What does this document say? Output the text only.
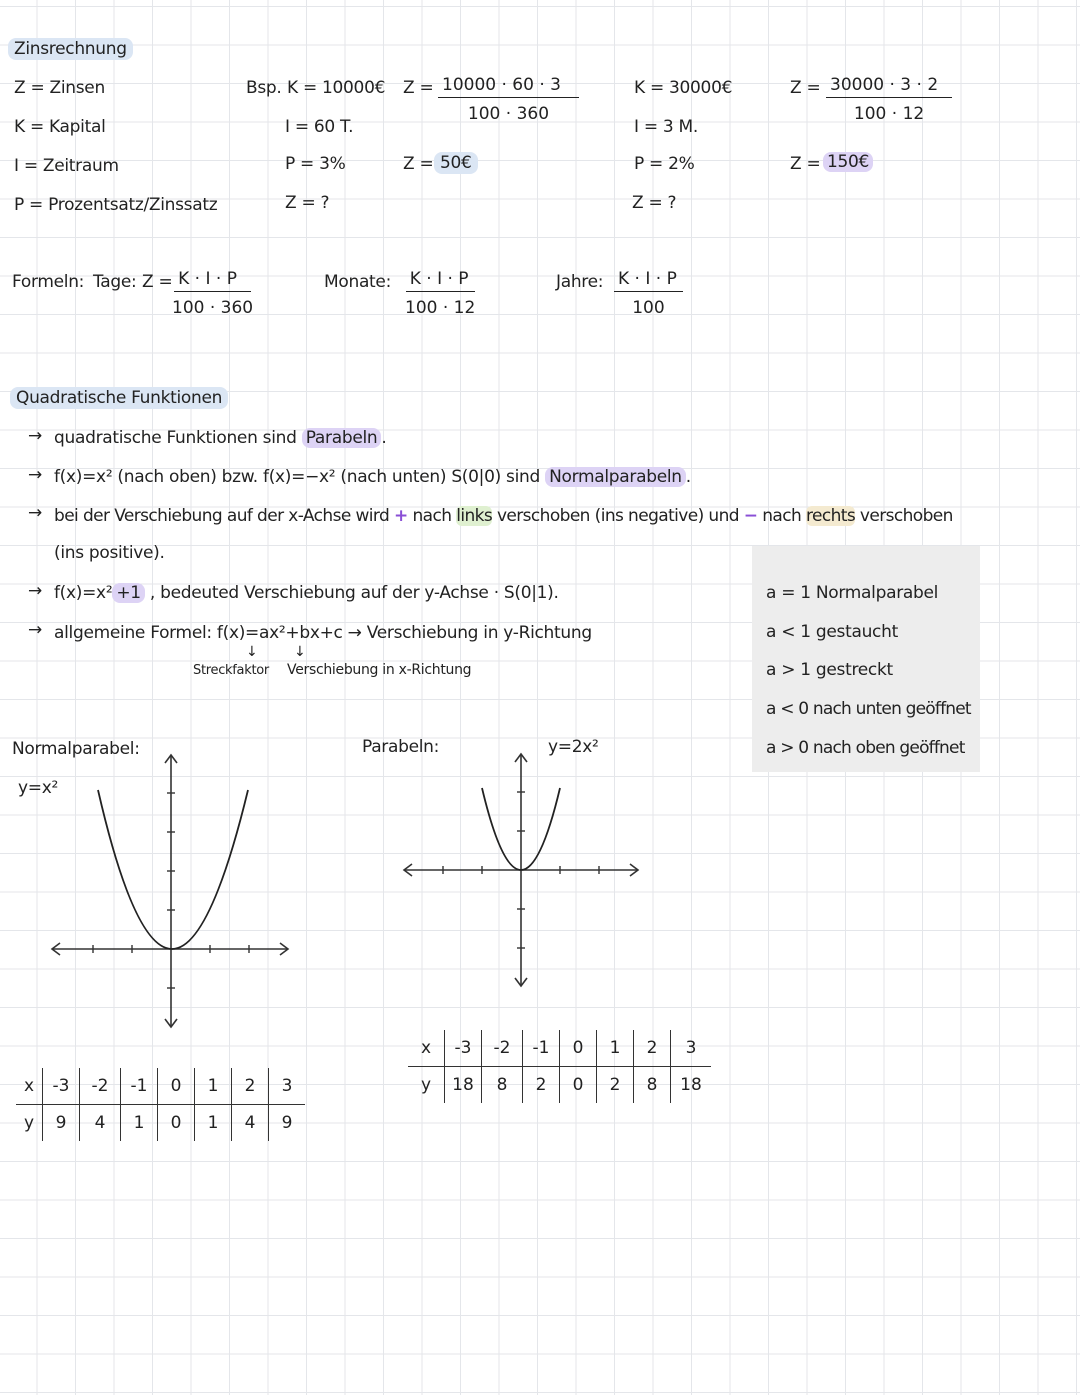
Zinsrechnung
Z = Zinsen
K = Kapital
I = Zeitraum
P = Prozentsatz/Zinssatz
Bsp. K = 10000€
I = 60 T.
P = 3%
Z = ?
$Z = \frac{10000 \cdot 60 \cdot 3}{100 \cdot 360}$
Z = 50€
K = 30000€
I = 3 M.
P = 2%
Z = ?
$Z = \frac{30000 \cdot 3 \cdot 2}{100 \cdot 12}$
Z = 150€
Formeln: Tage: $Z = \frac{K \cdot I \cdot P}{100 \cdot 360}$	Monate: $\frac{K \cdot I \cdot P}{100 \cdot 12}$	Jahre: $\frac{K \cdot I \cdot P}{100}$
Quadratische Funktionen
→ quadratische Funktionen sind Parabeln .
→ f(x)=x² (nach oben) bzw. f(x)=−x² (nach unten) S(0|0) sind Normalparabeln .
→ bei der Verschiebung auf der x-Achse wird + nach links verschoben (ins negative) und − nach rechts verschoben
(ins positive).
→ f(x)=x² +1 , bedeuted Verschiebung auf der y-Achse · S(0|1).
→ allgemeine Formel: f(x)=ax²+bx+c → Verschiebung in y-Richtung
↓	↓
Streckfaktor Verschiebung in x-Richtung
a = 1 Normalparabel
a < 1 gestaucht
a > 1 gestreckt
a < 0 nach unten geöffnet
a > 0 nach oben geöffnet
Normalparabel:
y=x²
x	-3	-2	-1	0	1	2	3
y	9	4	1	0	1	4	9
Parabeln:	y=2x²
x	-3	-2	-1	0	1	2	3
y	18	8	2	0	2	8	18
